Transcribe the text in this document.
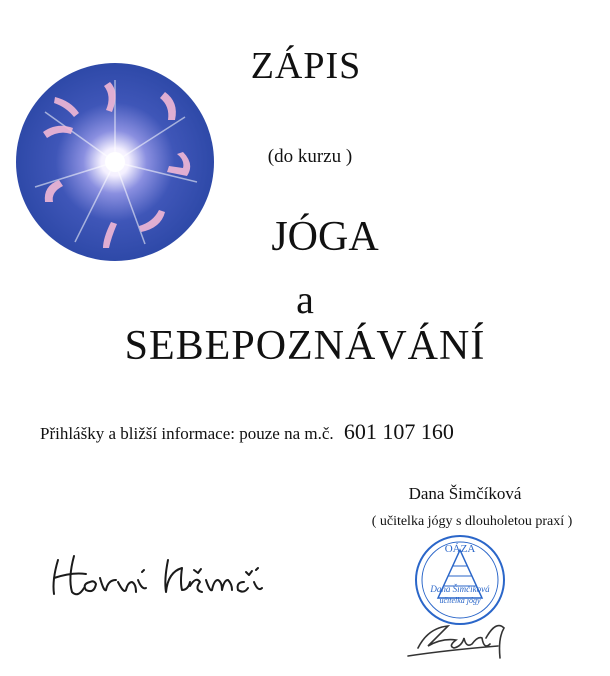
ZÁPIS
(do kurzu )
JÓGA
a
SEBEPOZNÁVÁNÍ
Přihlášky a bližší informace: pouze na m.č. 601 107 160
Dana Šimčíková
( učitelka jógy s dlouholetou praxí )
OÁZA
Dana Šimčíková
učitelka jógy
